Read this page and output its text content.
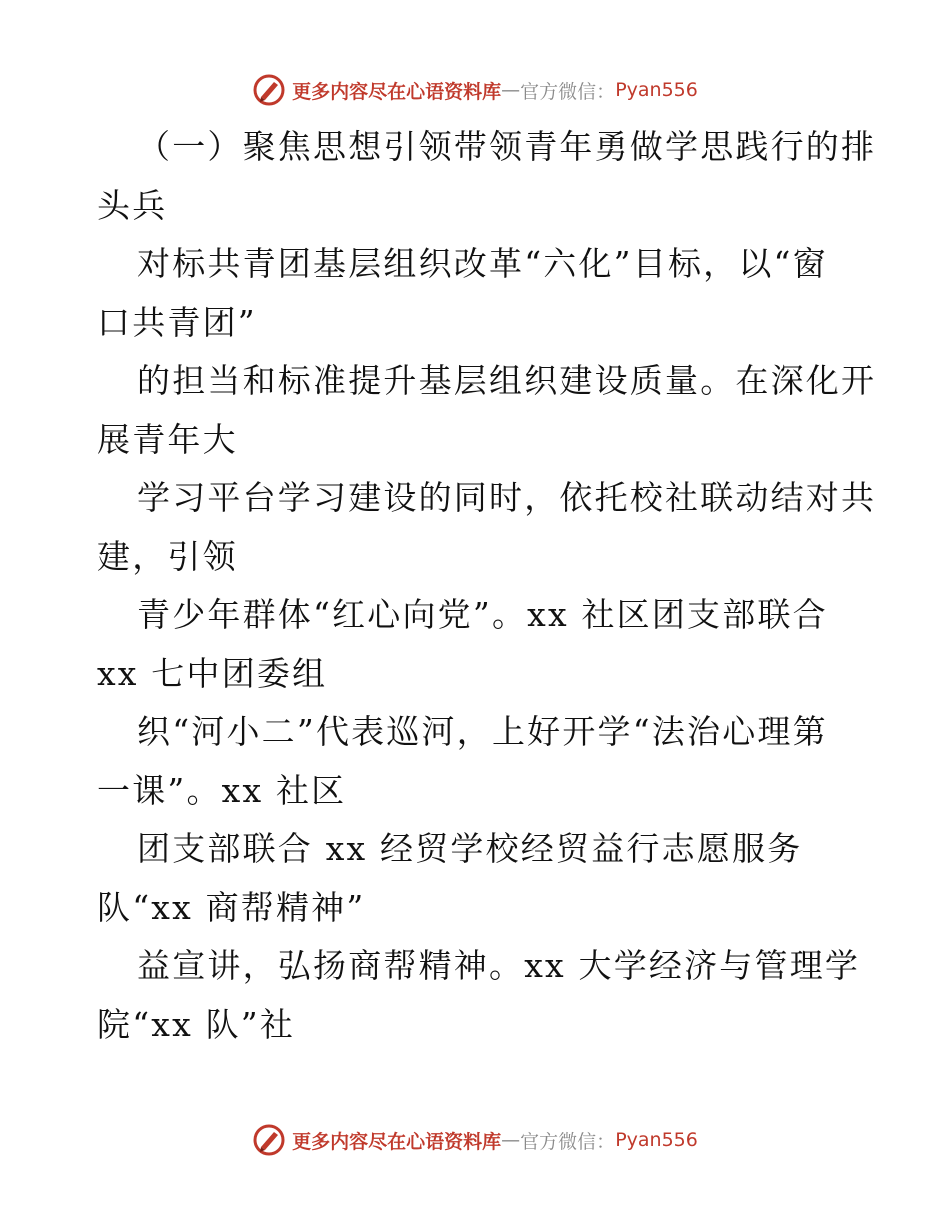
更多内容尽在心语资料库 — 官方微信： Pyan556
（一）聚焦思想引领带领青年勇做学思践行的排
头兵
对标共青团基层组织改革“六化”目标，以“窗
口共青团”
的担当和标准提升基层组织建设质量。在深化开
展青年大
学习平台学习建设的同时，依托校社联动结对共
建，引领
青少年群体“红心向党”。xx 社区团支部联合
xx 七中团委组
织“河小二”代表巡河，上好开学“法治心理第
一课”。xx 社区
团支部联合 xx 经贸学校经贸益行志愿服务
队“xx 商帮精神”
益宣讲，弘扬商帮精神。xx 大学经济与管理学
院“xx 队”社
更多内容尽在心语资料库 — 官方微信： Pyan556
